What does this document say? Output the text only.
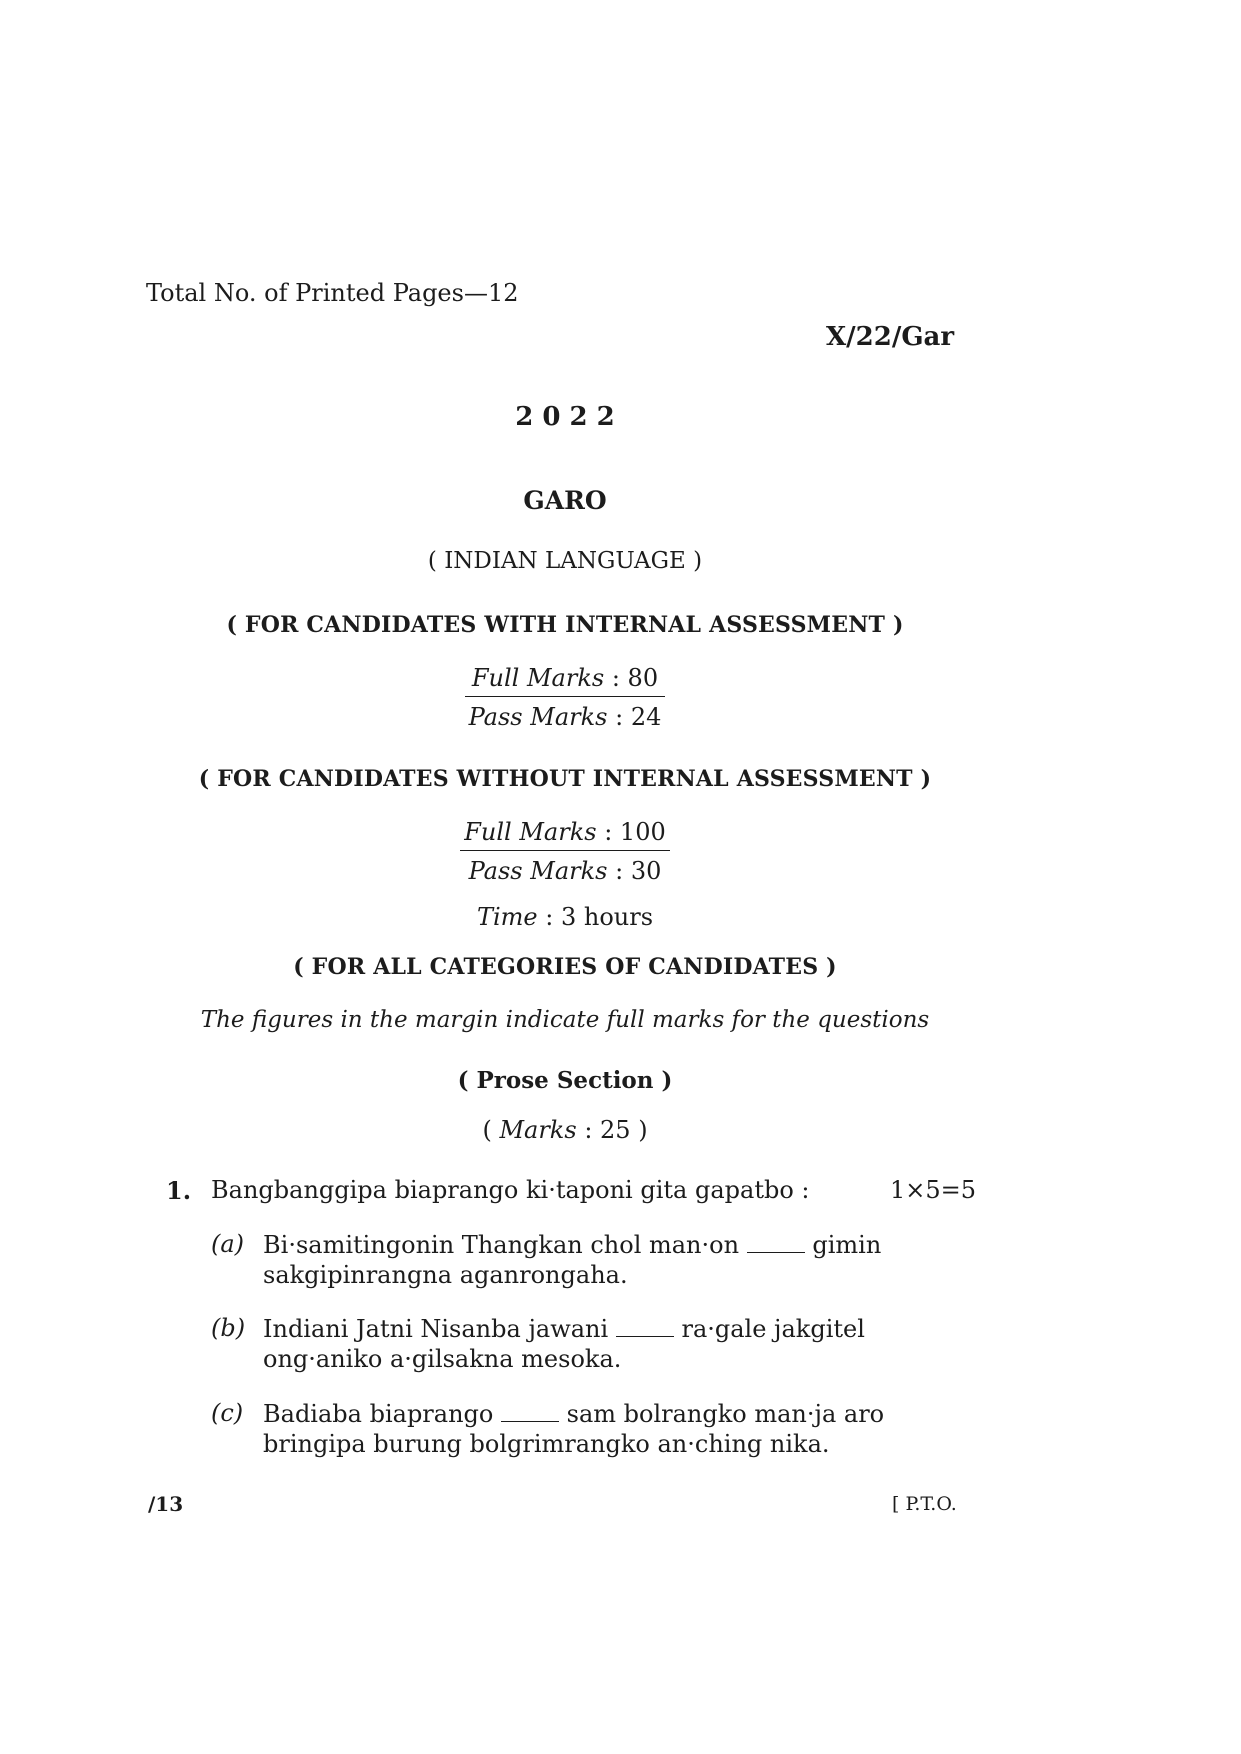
Total No. of Printed Pages—12
X/22/Gar
2 0 2 2
GARO
( INDIAN LANGUAGE )
( FOR CANDIDATES WITH INTERNAL ASSESSMENT )
$\frac{\text{Full Marks : 80}}{\text{Pass Marks : 24}}$
( FOR CANDIDATES WITHOUT INTERNAL ASSESSMENT )
$\frac{\text{Full Marks : 100}}{\text{Pass Marks : 30}}$
Time : 3 hours
( FOR ALL CATEGORIES OF CANDIDATES )
The figures in the margin indicate full marks for the questions
( Prose Section )
( Marks : 25 )
1. Bangbanggipa biaprango ki·taponi gita gapatbo :	1×5=5
(a) Bi·samitingonin Thangkan chol man·on	gimin
sakgipinrangna aganrongaha.
(b) Indiani Jatni Nisanba jawani	ra·gale jakgitel
ong·aniko a·gilsakna mesoka.
(c) Badiaba biaprango	sam bolrangko man·ja aro
bringipa burung bolgrimrangko an·ching nika.
/13	[ P.T.O.
